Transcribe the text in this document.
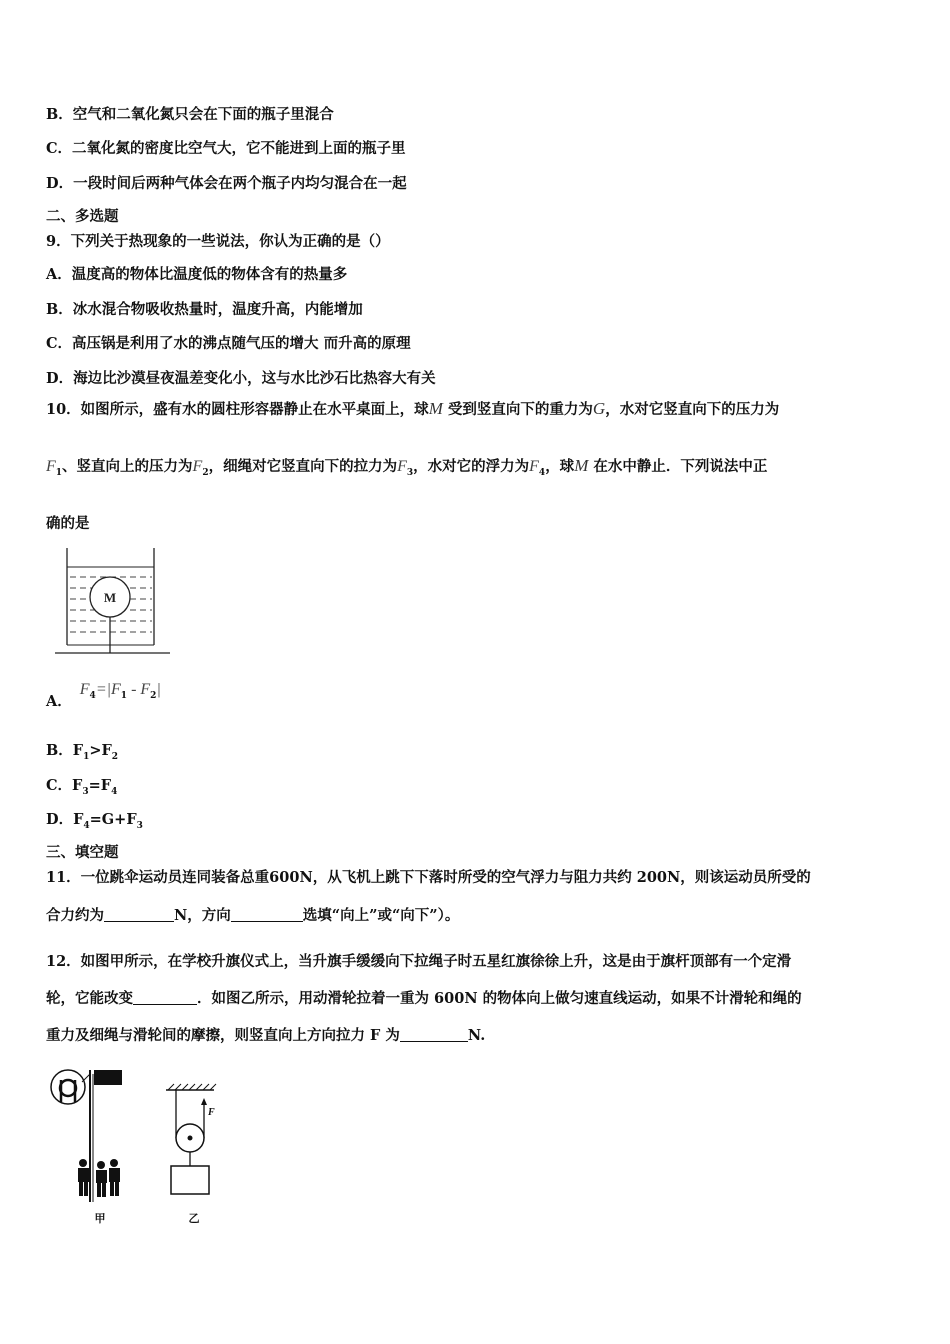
B．空气和二氧化氮只会在下面的瓶子里混合
C．二氧化氮的密度比空气大，它不能进到上面的瓶子里
D．一段时间后两种气体会在两个瓶子内均匀混合在一起
二、多选题
9．下列关于热现象的一些说法，你认为正确的是（）
A．温度高的物体比温度低的物体含有的热量多
B．冰水混合物吸收热量时，温度升高，内能增加
C．高压锅是利用了水的沸点随气压的增大 而升高的原理
D．海边比沙漠昼夜温差变化小，这与水比沙石比热容大有关
10．如图所示，盛有水的圆柱形容器静止在水平桌面上，球M 受到竖直向下的重力为G，水对它竖直向下的压力为
$F_1$、竖直向上的压力为$F_2$，细绳对它竖直向下的拉力为$F_3$，水对它的浮力为$F_4$，球M 在水中静止．下列说法中正
确的是
M
A．$F_4=|F_1 - F_2|$
B．$F_1>F_2$
C．$F_3=F_4$
D．$F_4=G+F_3$
三、填空题
11．一位跳伞运动员连同装备总重600N，从飞机上跳下下落时所受的空气浮力与阻力共约 200N，则该运动员所受的
合力约为	N，方向	选填“向上”或“向下”）。
12．如图甲所示，在学校升旗仪式上，当升旗手缓缓向下拉绳子时五星红旗徐徐上升，这是由于旗杆顶部有一个定滑
轮，它能改变	．如图乙所示，用动滑轮拉着一重为 600N 的物体向上做匀速直线运动，如果不计滑轮和绳的
重力及细绳与滑轮间的摩擦，则竖直向上方向拉力 F 为	N.
甲
F
乙
